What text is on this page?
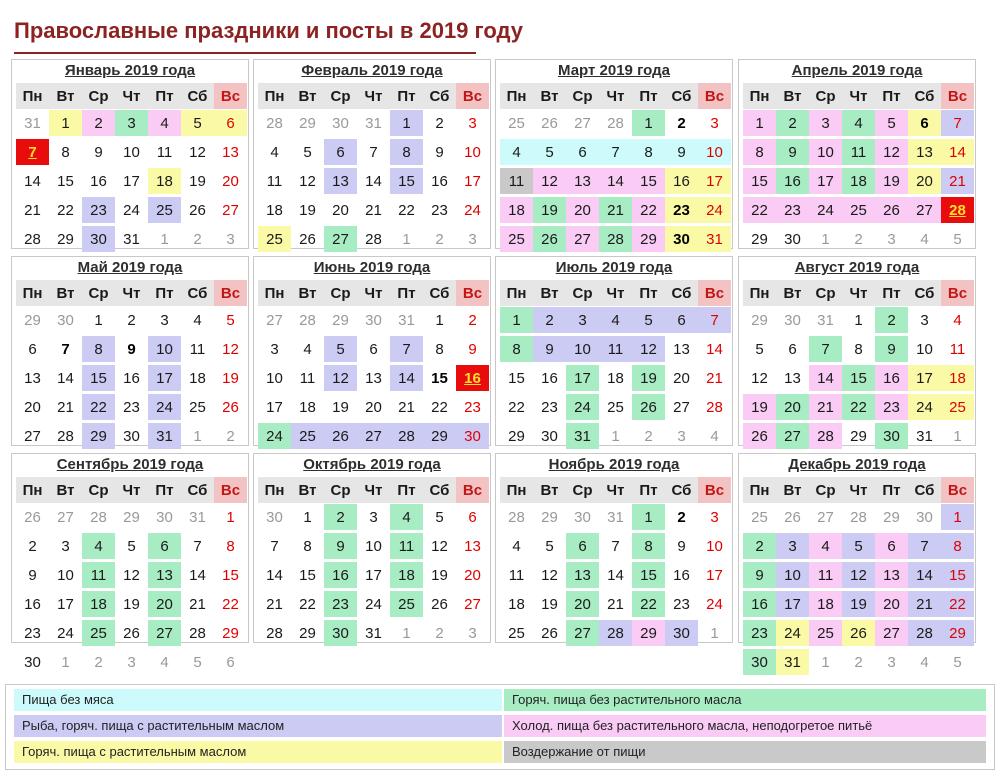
Православные праздники и посты в 2019 году
Январь 2019 года
Пн Вт Ср Чт Пт Сб Вс
31	1	2	3	4	5	6
7	8	9	10	11	12	13
14	15	16	17	18	19	20
21	22	23	24	25	26	27
28	29	30	31	1	2	3
Февраль 2019 года
Пн Вт Ср Чт Пт Сб Вс
28	29	30	31	1	2	3
4	5	6	7	8	9	10
11	12	13	14	15	16	17
18	19	20	21	22	23	24
25	26	27	28	1	2	3
Март 2019 года
Пн Вт Ср Чт Пт Сб Вс
25	26	27	28	1	2	3
4	5	6	7	8	9	10
11	12	13	14	15	16	17
18	19	20	21	22	23	24
25	26	27	28	29	30	31
Апрель 2019 года
Пн Вт Ср Чт Пт Сб Вс
1	2	3	4	5	6	7
8	9	10	11	12	13	14
15	16	17	18	19	20	21
22	23	24	25	26	27	28
29	30	1	2	3	4	5
Май 2019 года
Пн Вт Ср Чт Пт Сб Вс
29	30	1	2	3	4	5
6	7	8	9	10	11	12
13	14	15	16	17	18	19
20	21	22	23	24	25	26
27	28	29	30	31	1	2
Июнь 2019 года
Пн Вт Ср Чт Пт Сб Вс
27	28	29	30	31	1	2
3	4	5	6	7	8	9
10	11	12	13	14	15	16
17	18	19	20	21	22	23
24	25	26	27	28	29	30
Июль 2019 года
Пн Вт Ср Чт Пт Сб Вс
1	2	3	4	5	6	7
8	9	10	11	12	13	14
15	16	17	18	19	20	21
22	23	24	25	26	27	28
29	30	31	1	2	3	4
Август 2019 года
Пн Вт Ср Чт Пт Сб Вс
29	30	31	1	2	3	4
5	6	7	8	9	10	11
12	13	14	15	16	17	18
19	20	21	22	23	24	25
26	27	28	29	30	31	1
Сентябрь 2019 года
Пн Вт Ср Чт Пт Сб Вс
26	27	28	29	30	31	1
2	3	4	5	6	7	8
9	10	11	12	13	14	15
16	17	18	19	20	21	22
23	24	25	26	27	28	29
30	1	2	3	4	5	6
Октябрь 2019 года
Пн Вт Ср Чт Пт Сб Вс
30	1	2	3	4	5	6
7	8	9	10	11	12	13
14	15	16	17	18	19	20
21	22	23	24	25	26	27
28	29	30	31	1	2	3
Ноябрь 2019 года
Пн Вт Ср Чт Пт Сб Вс
28	29	30	31	1	2	3
4	5	6	7	8	9	10
11	12	13	14	15	16	17
18	19	20	21	22	23	24
25	26	27	28	29	30	1
Декабрь 2019 года
Пн Вт Ср Чт Пт Сб Вс
25	26	27	28	29	30	1
2	3	4	5	6	7	8
9	10	11	12	13	14	15
16	17	18	19	20	21	22
23	24	25	26	27	28	29
30	31	1	2	3	4	5
Пища без мяса	Горяч. пища без растительного масла
Рыба, горяч. пища с растительным маслом	Холод. пища без растительного масла, неподогретое питьё
Горяч. пища с растительным маслом	Воздержание от пищи
